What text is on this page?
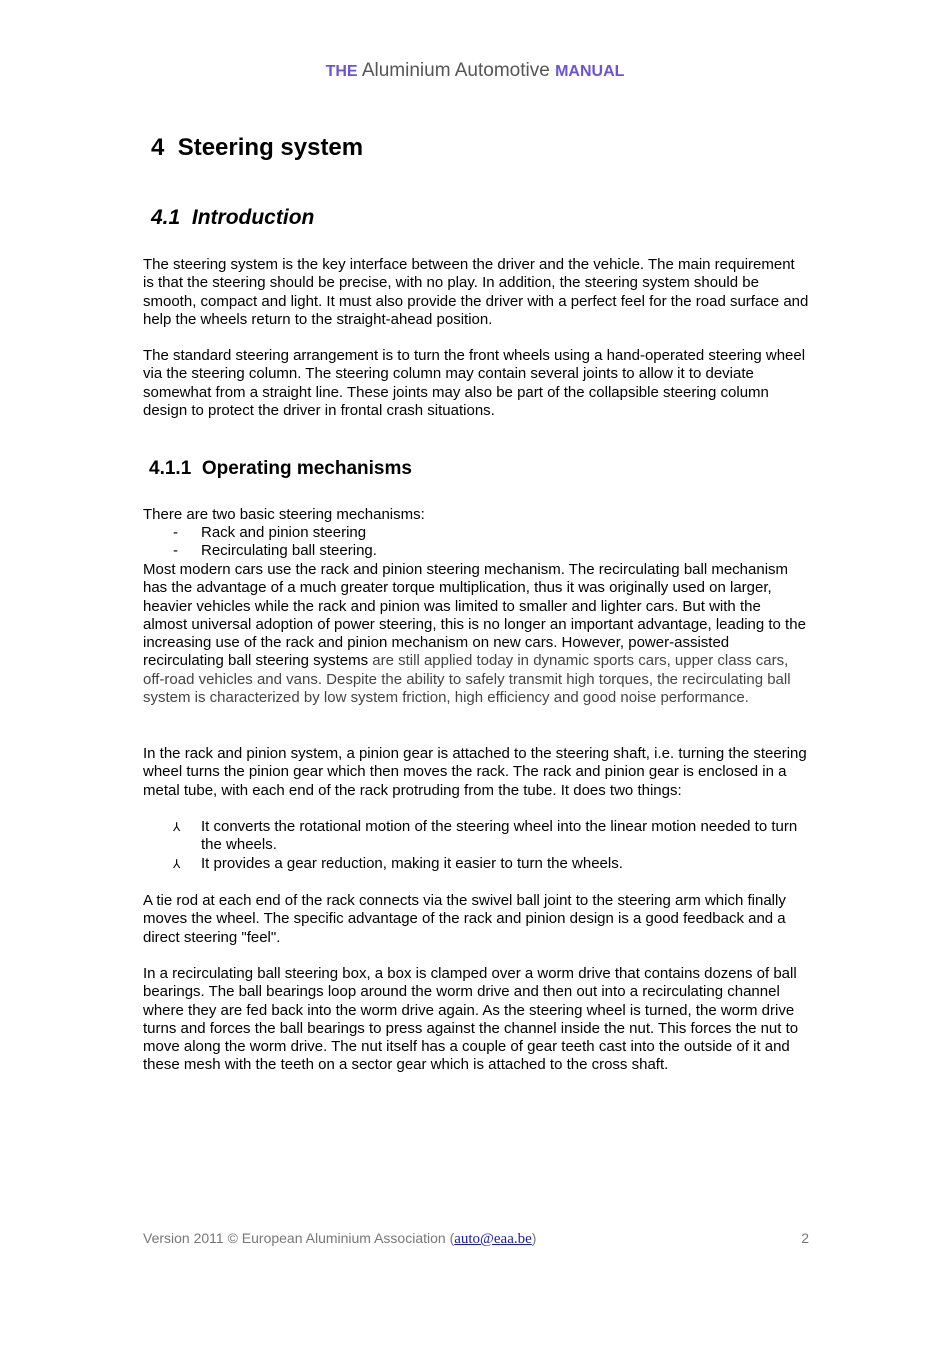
THE Aluminium Automotive MANUAL
4 Steering system
4.1 Introduction

The steering system is the key interface between the driver and the vehicle. The main requirement is that the steering should be precise, with no play. In addition, the steering system should be smooth, compact and light. It must also provide the driver with a perfect feel for the road surface and help the wheels return to the straight-ahead position.

The standard steering arrangement is to turn the front wheels using a hand-operated steering wheel via the steering column. The steering column may contain several joints to allow it to deviate somewhat from a straight line. These joints may also be part of the collapsible steering column design to protect the driver in frontal crash situations.

4.1.1 Operating mechanisms

There are two basic steering mechanisms:

- Rack and pinion steering
- Recirculating ball steering.

Most modern cars use the rack and pinion steering mechanism. The recirculating ball mechanism has the advantage of a much greater torque multiplication, thus it was originally used on larger, heavier vehicles while the rack and pinion was limited to smaller and lighter cars. But with the almost universal adoption of power steering, this is no longer an important advantage, leading to the increasing use of the rack and pinion mechanism on new cars. However, power-assisted recirculating ball steering systems are still applied today in dynamic sports cars, upper class cars, off-road vehicles and vans. Despite the ability to safely transmit high torques, the recirculating ball system is characterized by low system friction, high efficiency and good noise performance.

In the rack and pinion system, a pinion gear is attached to the steering shaft, i.e. turning the steering wheel turns the pinion gear which then moves the rack. The rack and pinion gear is enclosed in a metal tube, with each end of the rack protruding from the tube. It does two things:

⅄ It converts the rotational motion of the steering wheel into the linear motion needed to turn the wheels.
⅄ It provides a gear reduction, making it easier to turn the wheels.

A tie rod at each end of the rack connects via the swivel ball joint to the steering arm which finally moves the wheel. The specific advantage of the rack and pinion design is a good feedback and a direct steering "feel".

In a recirculating ball steering box, a box is clamped over a worm drive that contains dozens of ball bearings. The ball bearings loop around the worm drive and then out into a recirculating channel where they are fed back into the worm drive again. As the steering wheel is turned, the worm drive turns and forces the ball bearings to press against the channel inside the nut. This forces the nut to move along the worm drive. The nut itself has a couple of gear teeth cast into the outside of it and these mesh with the teeth on a sector gear which is attached to the cross shaft.

Version 2011 © European Aluminium Association (auto@eaa.be)	2
